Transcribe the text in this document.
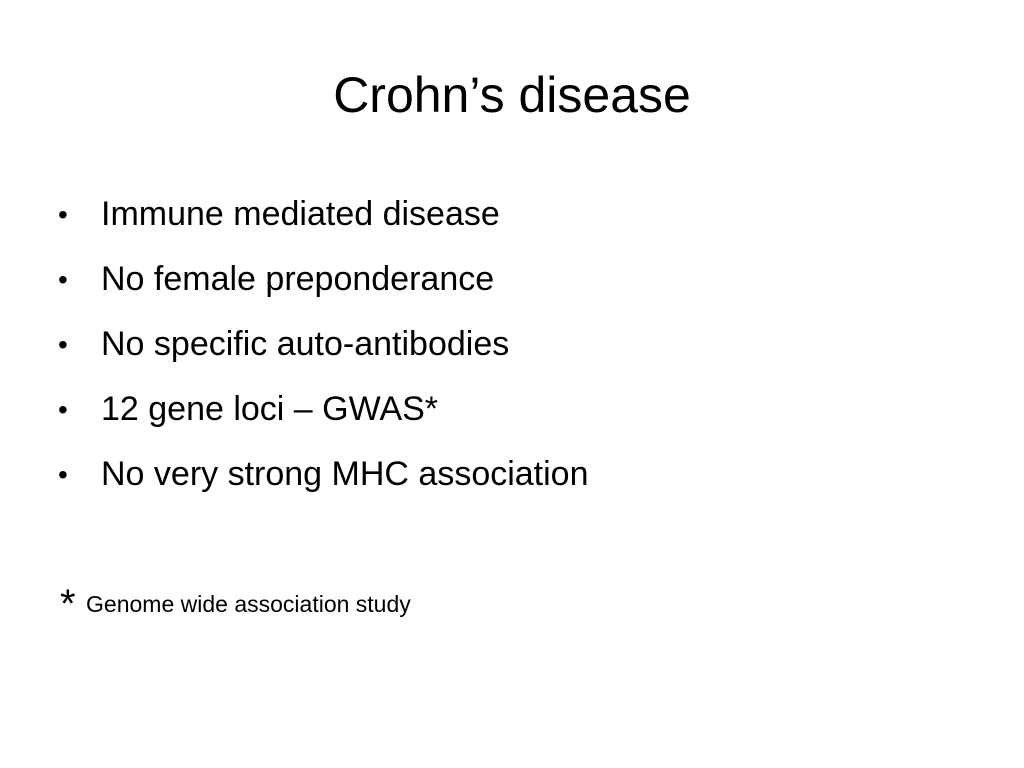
Crohn’s disease
• Immune mediated disease
• No female preponderance
• No specific auto-antibodies
• 12 gene loci – GWAS*
• No very strong MHC association
* Genome wide association study
